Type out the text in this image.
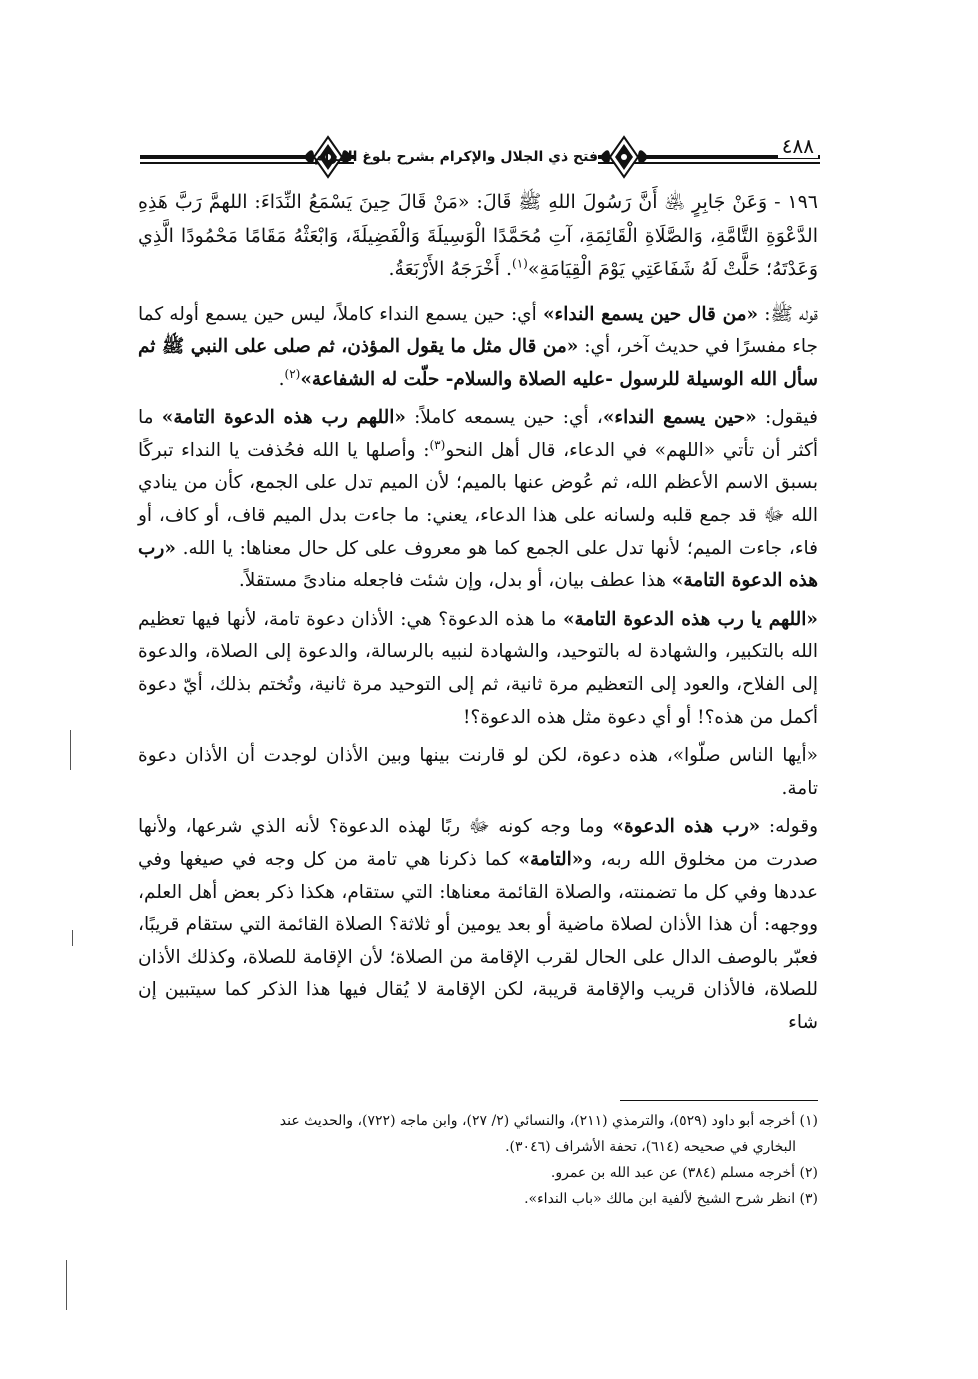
فتح ذي الجلال والإكرام بشرح بلوغ المرام	٤٨٨

١٩٦ - وَعَنْ جَابِرٍ ﵁ أَنَّ رَسُولَ اللهِ ﷺ قَالَ: «مَنْ قَالَ حِينَ يَسْمَعُ النِّدَاءَ: اللهمَّ رَبَّ هَذِهِ الدَّعْوَةِ التَّامَّةِ، وَالصَّلَاةِ الْقَائِمَةِ، آتِ مُحَمَّدًا الْوَسِيلَةَ وَالْفَضِيلَةَ، وَابْعَثْهُ مَقَامًا مَحْمُودًا الَّذِي وَعَدْتَهُ؛ حَلَّتْ لَهُ شَفَاعَتِي يَوْمَ الْقِيَامَةِ»$^{(١)}$. أَخْرَجَهُ الأَرْبَعَةُ.

قوله ﷺ: «من قال حين يسمع النداء» أي: حين يسمع النداء كاملاً، ليس حين يسمع أوله كما جاء مفسرًا في حديث آخر، أي: «من قال مثل ما يقول المؤذن، ثم صلى على النبي ﷺ ثم سأل الله الوسيلة للرسول -عليه الصلاة والسلام- حلّت له الشفاعة»$^{(٢)}$.

فيقول: «حين يسمع النداء»، أي: حين يسمعه كاملاً: «اللهم رب هذه الدعوة التامة» ما أكثر أن تأتي «اللهم» في الدعاء، قال أهل النحو$^{(٣)}$: وأصلها يا الله فحُذفت يا النداء تبركًا بسبق الاسم الأعظم الله، ثم عُوض عنها بالميم؛ لأن الميم تدل على الجمع، كأن من ينادي الله ﷻ قد جمع قلبه ولسانه على هذا الدعاء، يعني: ما جاءت بدل الميم قاف، أو كاف، أو فاء، جاءت الميم؛ لأنها تدل على الجمع كما هو معروف على كل حال معناها: يا الله. «رب هذه الدعوة التامة» هذا عطف بيان، أو بدل، وإن شئت فاجعله منادىً مستقلاً.

«اللهم يا رب هذه الدعوة التامة» ما هذه الدعوة؟ هي: الأذان دعوة تامة، لأنها فيها تعظيم الله بالتكبير، والشهادة له بالتوحيد، والشهادة لنبيه بالرسالة، والدعوة إلى الصلاة، والدعوة إلى الفلاح، والعود إلى التعظيم مرة ثانية، ثم إلى التوحيد مرة ثانية، وتُختم بذلك، أيّ دعوة أكمل من هذه؟! أو أي دعوة مثل هذه الدعوة؟!

«أيها الناس صلّوا»، هذه دعوة، لكن لو قارنت بينها وبين الأذان لوجدت أن الأذان دعوة تامة.

وقوله: «رب هذه الدعوة» وما وجه كونه ﷻ ربًا لهذه الدعوة؟ لأنه الذي شرعها، ولأنها صدرت من مخلوق الله ربه، و«التامة» كما ذكرنا هي تامة من كل وجه في صيغها وفي عددها وفي كل ما تضمنته، والصلاة القائمة معناها: التي ستقام، هكذا ذكر بعض أهل العلم، ووجهه: أن هذا الأذان لصلاة ماضية أو بعد يومين أو ثلاثة؟ الصلاة القائمة التي ستقام قريبًا، فعبّر بالوصف الدال على الحال لقرب الإقامة من الصلاة؛ لأن الإقامة للصلاة، وكذلك الأذان للصلاة، فالأذان قريب والإقامة قريبة، لكن الإقامة لا يُقال فيها هذا الذكر كما سيتبين إن شاء

(١) أخرجه أبو داود (٥٢٩)، والترمذي (٢١١)، والنسائي (٢/ ٢٧)، وابن ماجه (٧٢٢)، والحديث عند

البخاري في صحيحه (٦١٤)، تحفة الأشراف (٣٠٤٦).

(٢) أخرجه مسلم (٣٨٤) عن عبد الله بن عمرو.

(٣) انظر شرح الشيخ لألفية ابن مالك «باب النداء».
